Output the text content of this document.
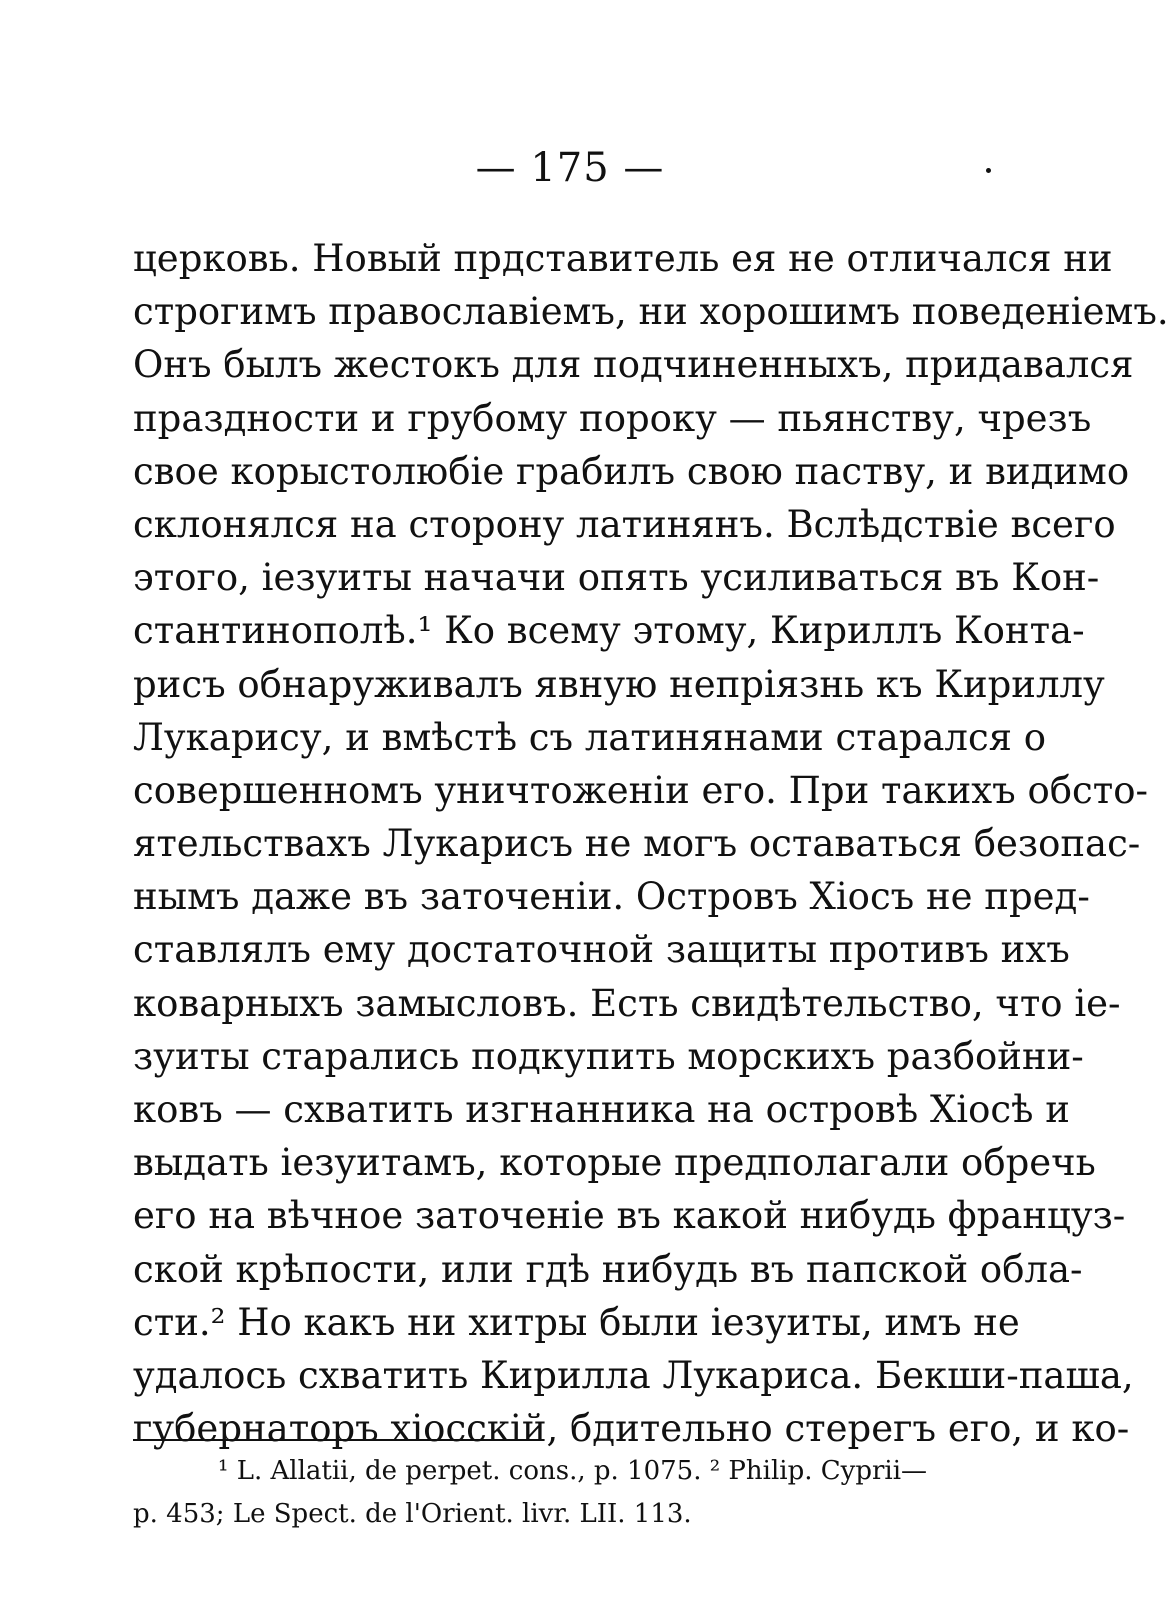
— 175 —
церковь. Новый прдставитель ея не отличался ни
строгимъ православіемъ, ни хорошимъ поведеніемъ.
Онъ былъ жестокъ для подчиненныхъ, придавался
праздности и грубому пороку — пьянству, чрезъ
свое корыстолюбіе грабилъ свою паству, и видимо
склонялся на сторону латинянъ. Вслѣдствіе всего
этого, іезуиты начачи опять усиливаться въ Кон-
стантинополѣ.¹ Ко всему этому, Кириллъ Конта-
рисъ обнаруживалъ явную непріязнь къ Кириллу
Лукарису, и вмѣстѣ съ латинянами старался о
совершенномъ уничтоженіи его. При такихъ обсто-
ятельствахъ Лукарисъ не могъ оставаться безопас-
нымъ даже въ заточеніи. Островъ Хіосъ не пред-
ставлялъ ему достаточной защиты противъ ихъ
коварныхъ замысловъ. Есть свидѣтельство, что іе-
зуиты старались подкупить морскихъ разбойни-
ковъ — схватить изгнанника на островѣ Хіосѣ и
выдать іезуитамъ, которые предполагали обречь
его на вѣчное заточеніе въ какой нибудь француз-
ской крѣпости, или гдѣ нибудь въ папской обла-
сти.² Но какъ ни хитры были іезуиты, имъ не
удалось схватить Кирилла Лукариса. Бекши-паша,
губернаторъ хіосскій, бдительно стерегъ его, и ко-
¹ L. Allatii, de perpet. cons., p. 1075. ² Philip. Cyprii—
p. 453; Le Spect. de l'Orient. livr. LII. 113.
